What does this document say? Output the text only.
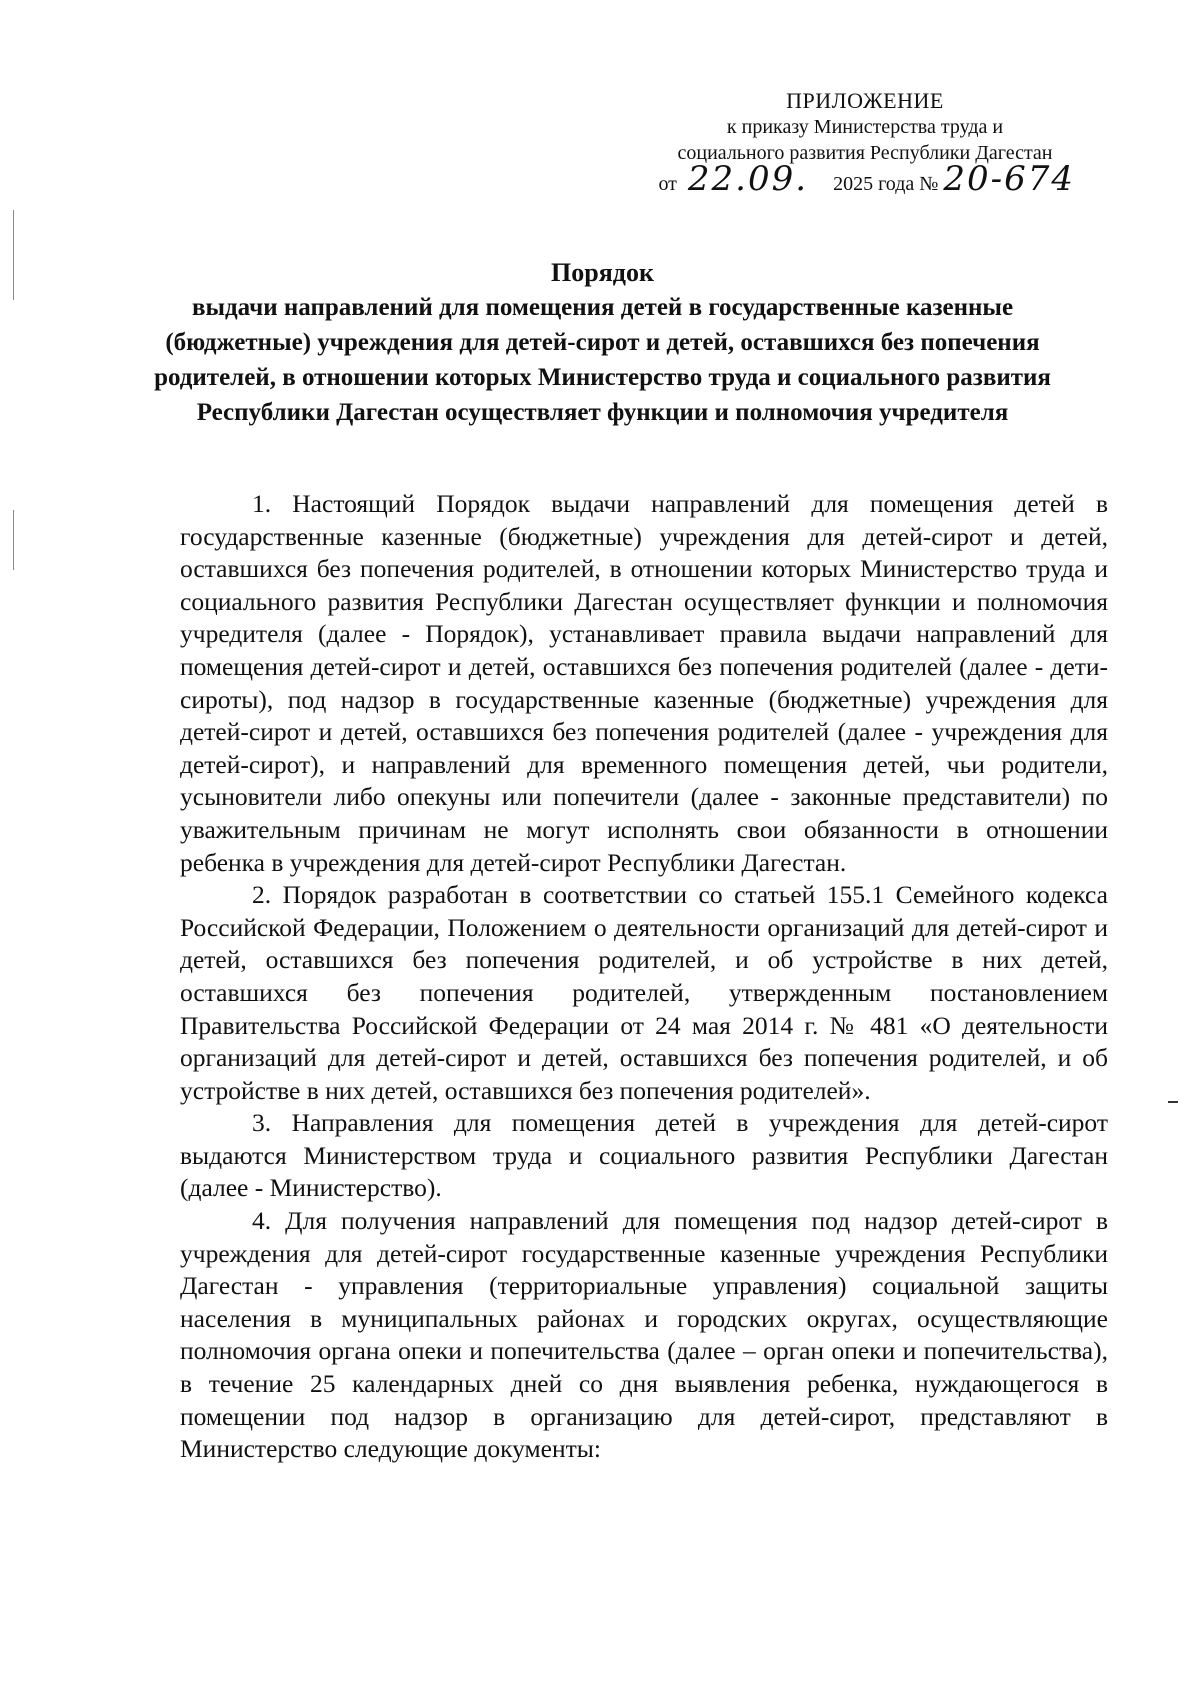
ПРИЛОЖЕНИЕ
к приказу Министерства труда и
социального развития Республики Дагестан
от 22.09. 2025 года № 20-674
Порядок
выдачи направлений для помещения детей в государственные казенные (бюджетные) учреждения для детей-сирот и детей, оставшихся без попечения родителей, в отношении которых Министерство труда и социального развития Республики Дагестан осуществляет функции и полномочия учредителя

1. Настоящий Порядок выдачи направлений для помещения детей в государственные казенные (бюджетные) учреждения для детей-сирот и детей, оставшихся без попечения родителей, в отношении которых Министерство труда и социального развития Республики Дагестан осуществляет функции и полномочия учредителя (далее - Порядок), устанавливает правила выдачи направлений для помещения детей-сирот и детей, оставшихся без попечения родителей (далее - дети-сироты), под надзор в государственные казенные (бюджетные) учреждения для детей-сирот и детей, оставшихся без попечения родителей (далее - учреждения для детей-сирот), и направлений для временного помещения детей, чьи родители, усыновители либо опекуны или попечители (далее - законные представители) по уважительным причинам не могут исполнять свои обязанности в отношении ребенка в учреждения для детей-сирот Республики Дагестан.

2. Порядок разработан в соответствии со статьей 155.1 Семейного кодекса Российской Федерации, Положением о деятельности организаций для детей-сирот и детей, оставшихся без попечения родителей, и об устройстве в них детей, оставшихся без попечения родителей, утвержденным постановлением Правительства Российской Федерации от 24 мая 2014 г. № 481 «О деятельности организаций для детей-сирот и детей, оставшихся без попечения родителей, и об устройстве в них детей, оставшихся без попечения родителей».

3. Направления для помещения детей в учреждения для детей-сирот выдаются Министерством труда и социального развития Республики Дагестан (далее - Министерство).

4. Для получения направлений для помещения под надзор детей-сирот в учреждения для детей-сирот государственные казенные учреждения Республики Дагестан - управления (территориальные управления) социальной защиты населения в муниципальных районах и городских округах, осуществляющие полномочия органа опеки и попечительства (далее – орган опеки и попечительства), в течение 25 календарных дней со дня выявления ребенка, нуждающегося в помещении под надзор в организацию для детей-сирот, представляют в Министерство следующие документы:
